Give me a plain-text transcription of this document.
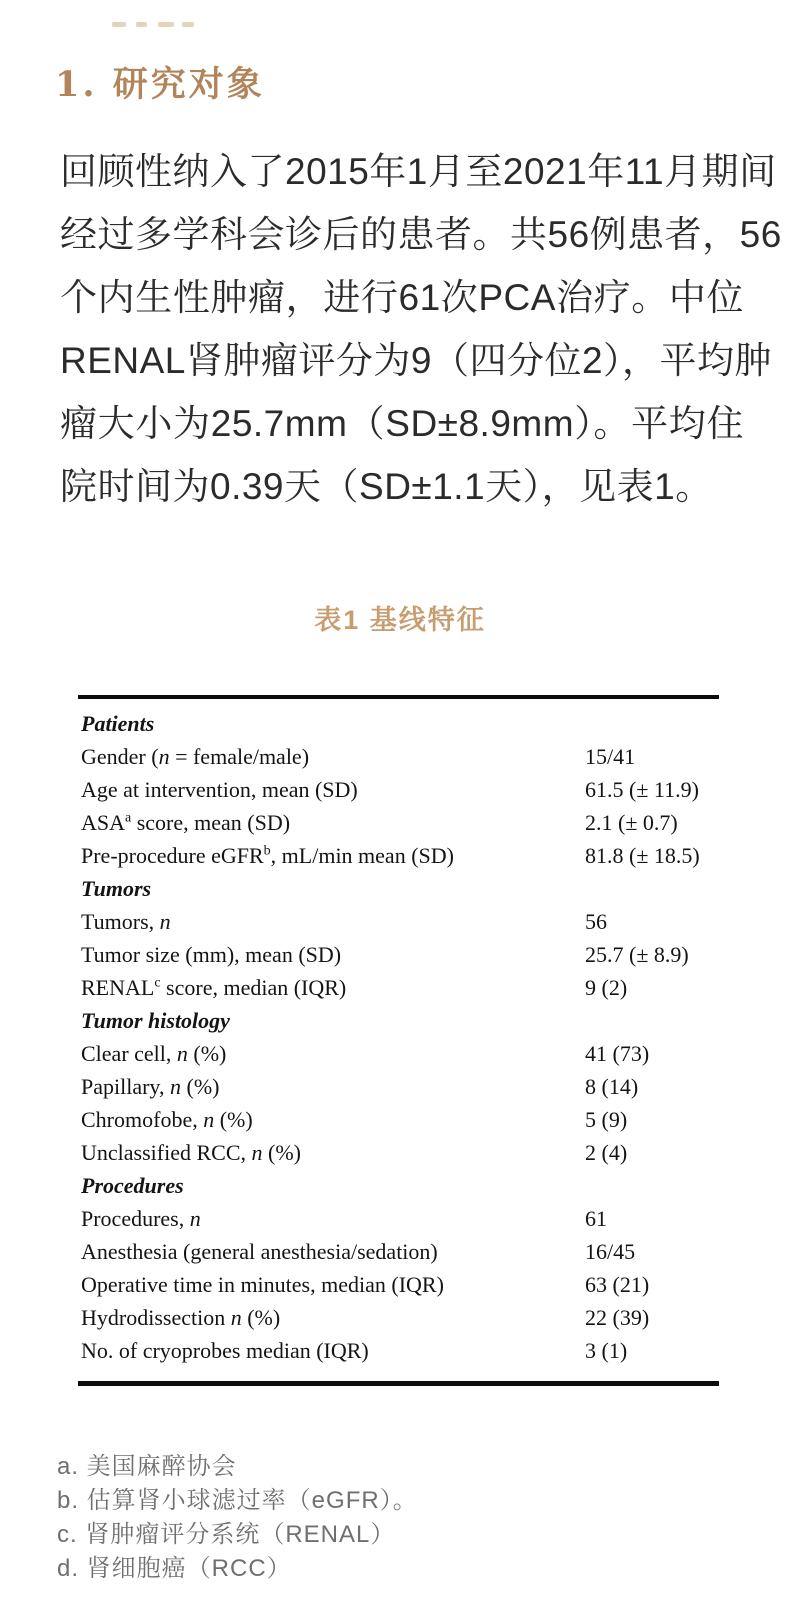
1. 研究对象
回顾性纳入了2015年1月至2021年11月期间
经过多学科会诊后的患者。共56例患者，56
个内生性肿瘤，进行61次PCA治疗。中位
RENAL肾肿瘤评分为9（四分位2），平均肿
瘤大小为25.7mm（SD±8.9mm）。平均住
院时间为0.39天（SD±1.1天），见表1。
表1 基线特征
Patients
Gender (n = female/male)	15/41
Age at intervention, mean (SD)	61.5 (± 11.9)
ASA$^a$ score, mean (SD)	2.1 (± 0.7)
Pre-procedure eGFR$^b$, mL/min mean (SD)	81.8 (± 18.5)
Tumors
Tumors, n	56
Tumor size (mm), mean (SD)	25.7 (± 8.9)
RENAL$^c$ score, median (IQR)	9 (2)
Tumor histology
Clear cell, n (%)	41 (73)
Papillary, n (%)	8 (14)
Chromofobe, n (%)	5 (9)
Unclassified RCC, n (%)	2 (4)
Procedures
Procedures, n	61
Anesthesia (general anesthesia/sedation)	16/45
Operative time in minutes, median (IQR)	63 (21)
Hydrodissection n (%)	22 (39)
No. of cryoprobes median (IQR)	3 (1)
a. 美国麻醉协会
b. 估算肾小球滤过率（eGFR）。
c. 肾肿瘤评分系统（RENAL）
d. 肾细胞癌（RCC）
